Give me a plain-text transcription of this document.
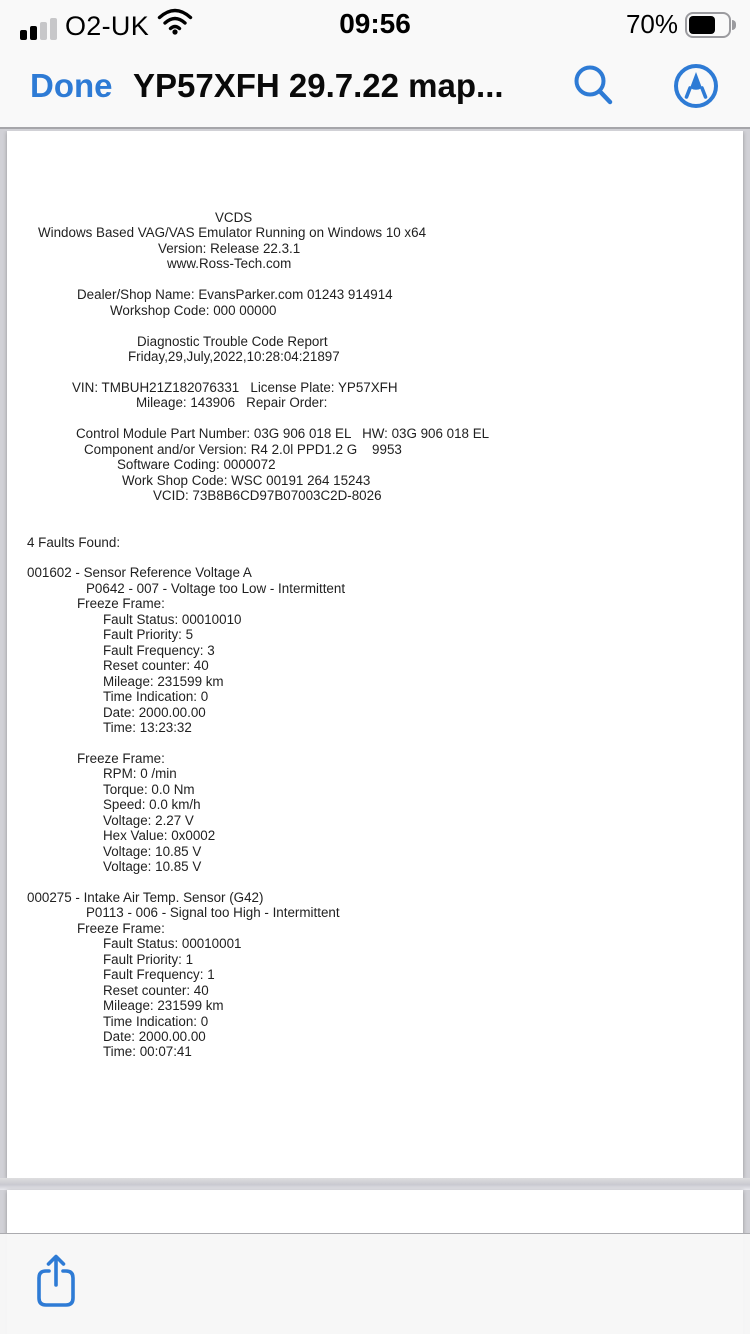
O2-UK	09:56	70%
Done YP57XFH 29.7.22 map...
VCDS
Windows Based VAG/VAS Emulator Running on Windows 10 x64
Version: Release 22.3.1
www.Ross-Tech.com

Dealer/Shop Name: EvansParker.com 01243 914914
Workshop Code: 000 00000

Diagnostic Trouble Code Report
Friday,29,July,2022,10:28:04:21897

VIN: TMBUH21Z182076331   License Plate: YP57XFH
Mileage: 143906   Repair Order:

Control Module Part Number: 03G 906 018 EL   HW: 03G 906 018 EL
Component and/or Version: R4 2.0l PPD1.2 G    9953
Software Coding: 0000072
Work Shop Code: WSC 00191 264 15243
VCID: 73B8B6CD97B07003C2D-8026

4 Faults Found:

001602 - Sensor Reference Voltage A
P0642 - 007 - Voltage too Low - Intermittent
Freeze Frame:
Fault Status: 00010010
Fault Priority: 5
Fault Frequency: 3
Reset counter: 40
Mileage: 231599 km
Time Indication: 0
Date: 2000.00.00
Time: 13:23:32

Freeze Frame:
RPM: 0 /min
Torque: 0.0 Nm
Speed: 0.0 km/h
Voltage: 2.27 V
Hex Value: 0x0002
Voltage: 10.85 V
Voltage: 10.85 V

000275 - Intake Air Temp. Sensor (G42)
P0113 - 006 - Signal too High - Intermittent
Freeze Frame:
Fault Status: 00010001
Fault Priority: 1
Fault Frequency: 1
Reset counter: 40
Mileage: 231599 km
Time Indication: 0
Date: 2000.00.00
Time: 00:07:41
